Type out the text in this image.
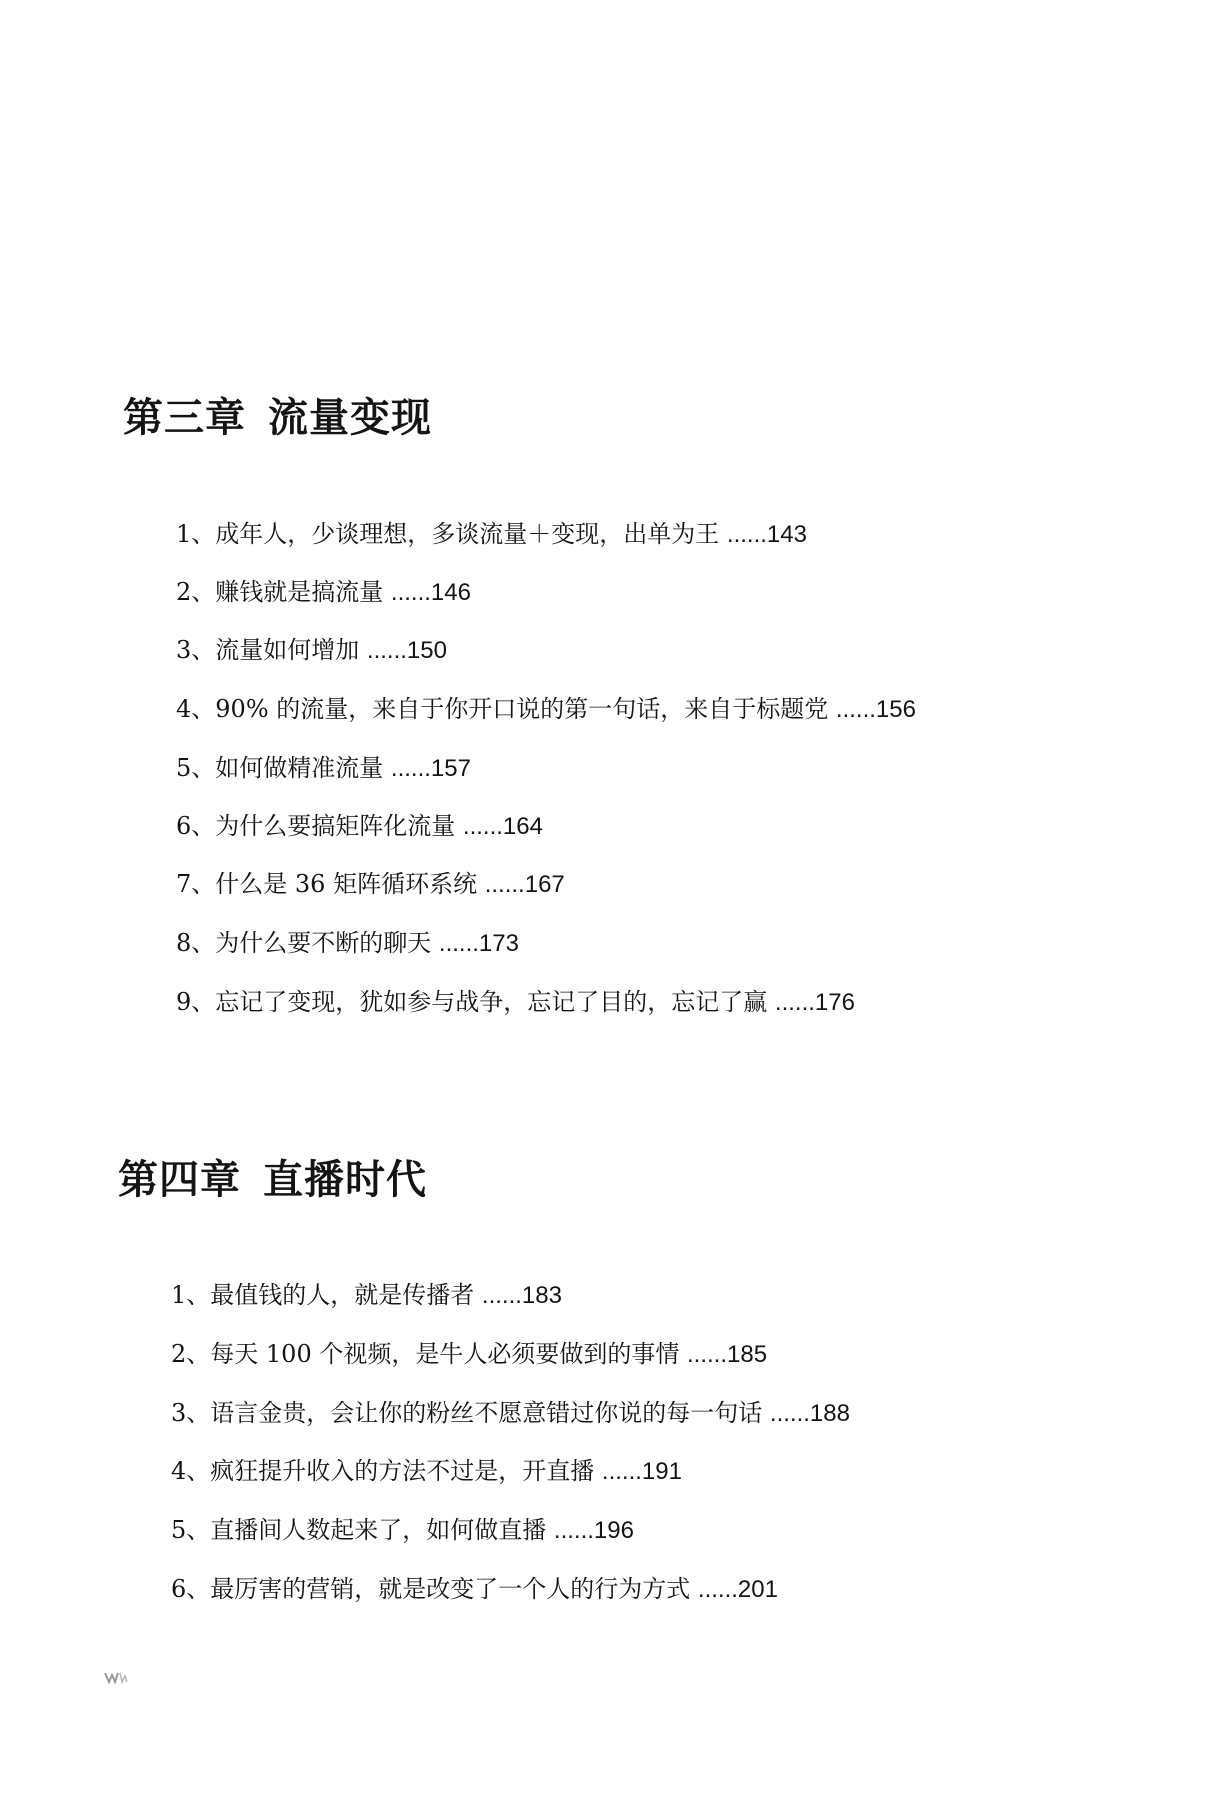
第三章 流量变现
1、成年人，少谈理想，多谈流量＋变现，出单为王 ......143
2、赚钱就是搞流量 ......146
3、流量如何增加 ......150
4、90% 的流量，来自于你开口说的第一句话，来自于标题党 ......156
5、如何做精准流量 ......157
6、为什么要搞矩阵化流量 ......164
7、什么是 36 矩阵循环系统 ......167
8、为什么要不断的聊天 ......173
9、忘记了变现，犹如参与战争，忘记了目的，忘记了赢 ......176
第四章 直播时代
1、最值钱的人，就是传播者 ......183
2、每天 100 个视频，是牛人必须要做到的事情 ......185
3、语言金贵，会让你的粉丝不愿意错过你说的每一句话 ......188
4、疯狂提升收入的方法不过是，开直播 ......191
5、直播间人数起来了，如何做直播 ......196
6、最厉害的营销，就是改变了一个人的行为方式 ......201
